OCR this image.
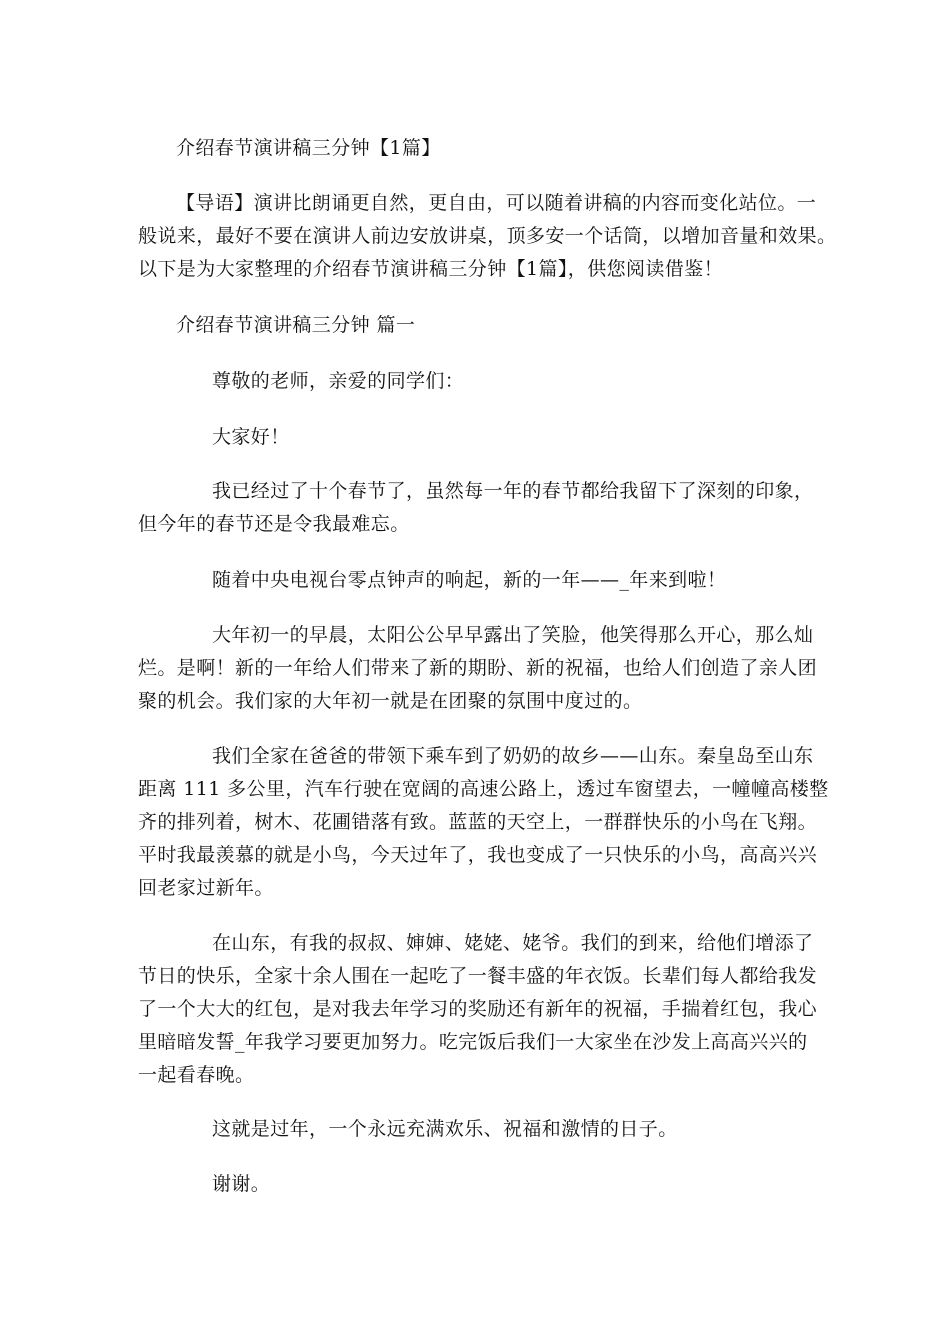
介绍春节演讲稿三分钟【1篇】
【导语】演讲比朗诵更自然，更自由，可以随着讲稿的内容而变化站位。一
般说来，最好不要在演讲人前边安放讲桌，顶多安一个话筒，以增加音量和效果。
以下是为大家整理的介绍春节演讲稿三分钟【1篇】，供您阅读借鉴！
介绍春节演讲稿三分钟 篇一
尊敬的老师，亲爱的同学们：
大家好！
我已经过了十个春节了，虽然每一年的春节都给我留下了深刻的印象，
但今年的春节还是令我最难忘。
随着中央电视台零点钟声的响起，新的一年——_年来到啦！
大年初一的早晨，太阳公公早早露出了笑脸，他笑得那么开心，那么灿
烂。是啊！新的一年给人们带来了新的期盼、新的祝福，也给人们创造了亲人团
聚的机会。我们家的大年初一就是在团聚的氛围中度过的。
我们全家在爸爸的带领下乘车到了奶奶的故乡——山东。秦皇岛至山东
距离 111 多公里，汽车行驶在宽阔的高速公路上，透过车窗望去，一幢幢高楼整
齐的排列着，树木、花圃错落有致。蓝蓝的天空上，一群群快乐的小鸟在飞翔。
平时我最羡慕的就是小鸟，今天过年了，我也变成了一只快乐的小鸟，高高兴兴
回老家过新年。
在山东，有我的叔叔、婶婶、姥姥、姥爷。我们的到来，给他们增添了
节日的快乐，全家十余人围在一起吃了一餐丰盛的年衣饭。长辈们每人都给我发
了一个大大的红包，是对我去年学习的奖励还有新年的祝福，手揣着红包，我心
里暗暗发誓_年我学习要更加努力。吃完饭后我们一大家坐在沙发上高高兴兴的
一起看春晚。
这就是过年，一个永远充满欢乐、祝福和激情的日子。
谢谢。
